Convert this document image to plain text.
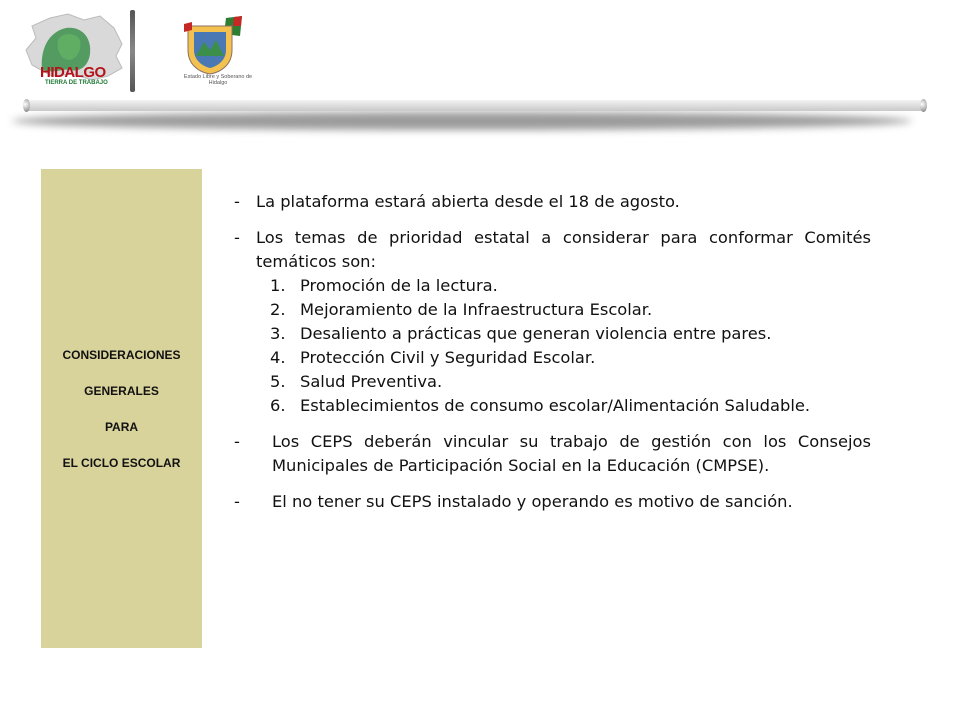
HIDALGO
TIERRA DE TRABAJO
Estado Libre y Soberano de Hidalgo
CONSIDERACIONES
GENERALES
PARA
EL CICLO ESCOLAR
- La plataforma estará abierta desde el 18 de agosto.
- Los temas de prioridad estatal a considerar para conformar Comités temáticos son:
1. Promoción de la lectura.
2. Mejoramiento de la Infraestructura Escolar.
3. Desaliento a prácticas que generan violencia entre pares.
4. Protección Civil y Seguridad Escolar.
5. Salud Preventiva.
6. Establecimientos de consumo escolar/Alimentación Saludable.
-	Los CEPS deberán vincular su trabajo de gestión con los Consejos Municipales de Participación Social en la Educación (CMPSE).
-	El no tener su CEPS instalado y operando es motivo de sanción.
